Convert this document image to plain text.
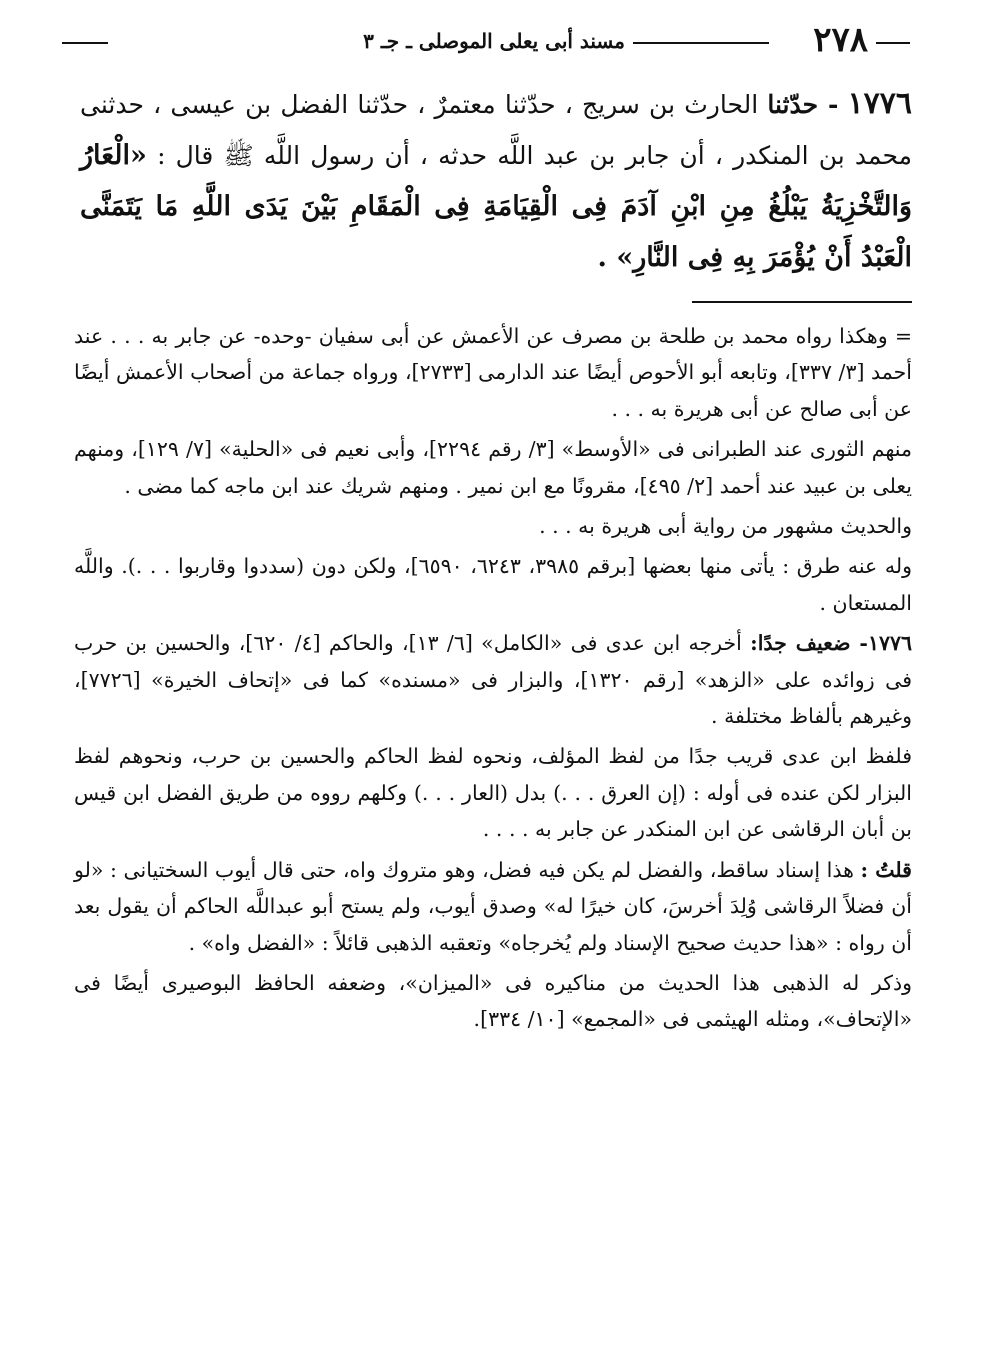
٢٧٨
مسند أبى يعلى الموصلى ـ جـ ٣
١٧٧٦ - حدّثنا الحارث بن سريج ، حدّثنا معتمرٌ ، حدّثنا الفضل بن عيسى ، حدثنى محمد بن المنكدر ، أن جابر بن عبد اللَّه حدثه ، أن رسول اللَّه ﷺ قال : «الْعَارُ وَالتَّخْزِيَةُ يَبْلُغُ مِنِ ابْنِ آدَمَ فِى الْقِيَامَةِ فِى الْمَقَامِ بَيْنَ يَدَى اللَّهِ مَا يَتَمَنَّى الْعَبْدُ أَنْ يُؤْمَرَ بِهِ فِى النَّارِ» .

= وهكذا رواه محمد بن طلحة بن مصرف عن الأعمش عن أبى سفيان -وحده- عن جابر به . . . عند أحمد [٣/ ٣٣٧]، وتابعه أبو الأحوص أيضًا عند الدارمى [٢٧٣٣]، ورواه جماعة من أصحاب الأعمش أيضًا عن أبى صالح عن أبى هريرة به . . .

منهم الثورى عند الطبرانى فى «الأوسط» [٣/ رقم ٢٢٩٤]، وأبى نعيم فى «الحلية» [٧/ ١٢٩]، ومنهم يعلى بن عبيد عند أحمد [٢/ ٤٩٥]، مقرونًا مع ابن نمير . ومنهم شريك عند ابن ماجه كما مضى .

والحديث مشهور من رواية أبى هريرة به . . .

وله عنه طرق : يأتى منها بعضها [برقم ٣٩٨٥، ٦٢٤٣، ٦٥٩٠]، ولكن دون (سددوا وقاربوا . . .). واللَّه المستعان .

١٧٧٦- ضعيف جدًا: أخرجه ابن عدى فى «الكامل» [٦/ ١٣]، والحاكم [٤/ ٦٢٠]، والحسين بن حرب فى زوائده على «الزهد» [رقم ١٣٢٠]، والبزار فى «مسنده» كما فى «إتحاف الخيرة» [٧٧٢٦]، وغيرهم بألفاظ مختلفة .

فلفظ ابن عدى قريب جدًا من لفظ المؤلف، ونحوه لفظ الحاكم والحسين بن حرب، ونحوهم لفظ البزار لكن عنده فى أوله : (إن العرق . . .) بدل (العار . . .) وكلهم رووه من طريق الفضل ابن قيس بن أبان الرقاشى عن ابن المنكدر عن جابر به . . . .

قلتُ : هذا إسناد ساقط، والفضل لم يكن فيه فضل، وهو متروك واه، حتى قال أيوب السختيانى : «لو أن فضلاً الرقاشى وُلِدَ أخرسَ، كان خيرًا له» وصدق أيوب، ولم يستح أبو عبداللَّه الحاكم أن يقول بعد أن رواه : «هذا حديث صحيح الإسناد ولم يُخرجاه» وتعقبه الذهبى قائلاً : «الفضل واه» .

وذكر له الذهبى هذا الحديث من مناكيره فى «الميزان»، وضعفه الحافظ البوصيرى أيضًا فى «الإتحاف»، ومثله الهيثمى فى «المجمع» [١٠/ ٣٣٤].
